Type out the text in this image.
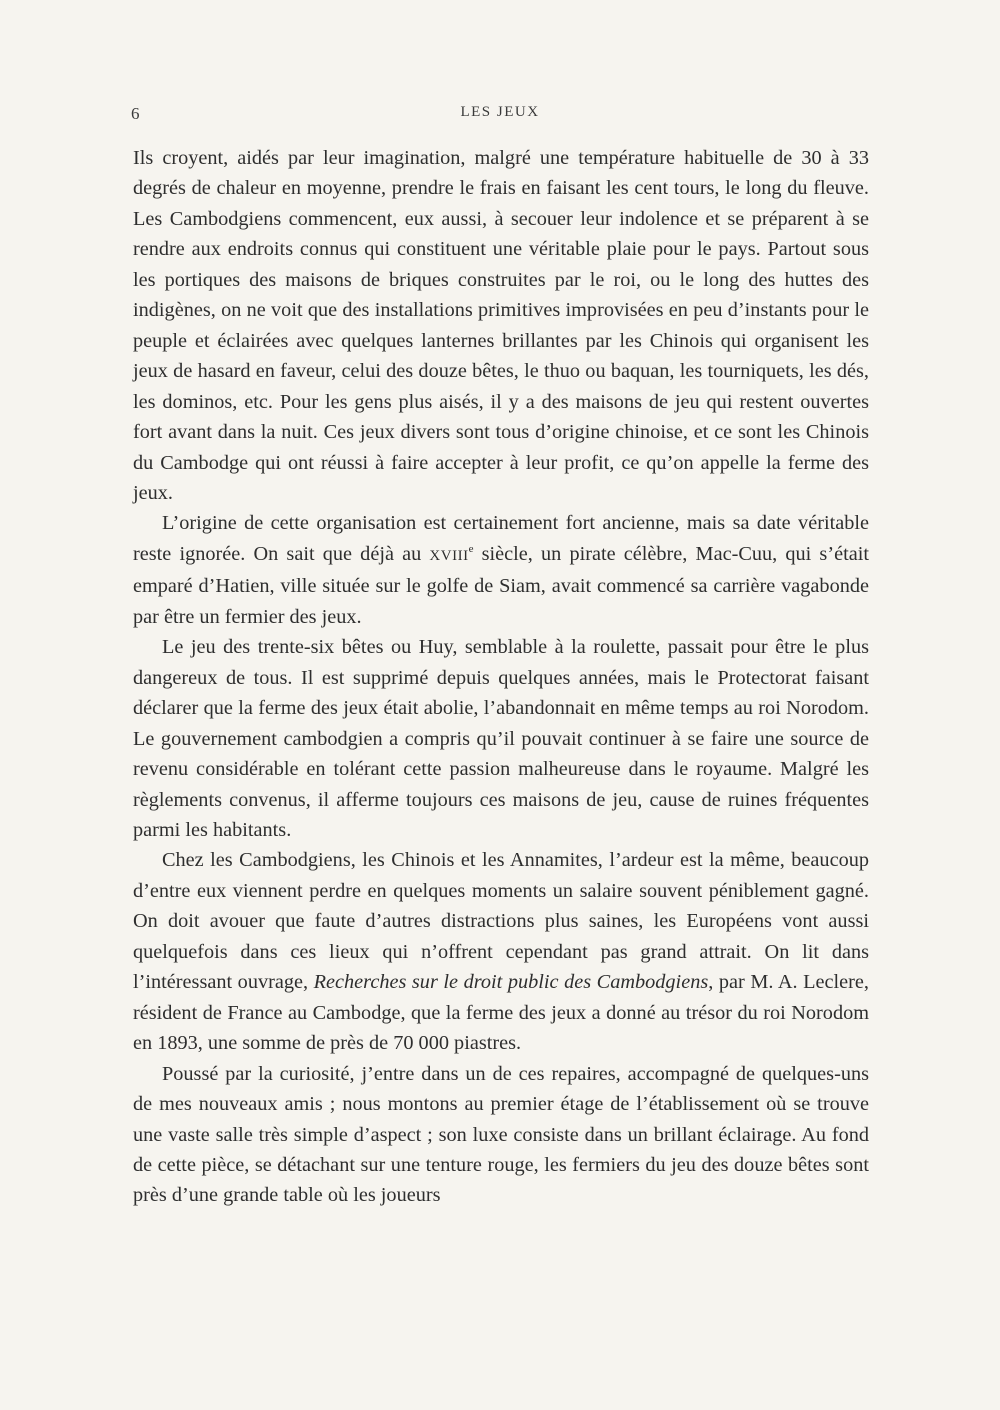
6	LES JEUX

Ils croyent, aidés par leur imagination, malgré une température habituelle de 30 à 33 degrés de chaleur en moyenne, prendre le frais en faisant les cent tours, le long du fleuve. Les Cambodgiens commencent, eux aussi, à secouer leur indolence et se préparent à se rendre aux endroits connus qui constituent une véritable plaie pour le pays. Partout sous les portiques des maisons de briques construites par le roi, ou le long des huttes des indigènes, on ne voit que des installations primitives improvisées en peu d’instants pour le peuple et éclairées avec quelques lanternes brillantes par les Chinois qui organisent les jeux de hasard en faveur, celui des douze bêtes, le thuo ou baquan, les tourniquets, les dés, les dominos, etc. Pour les gens plus aisés, il y a des maisons de jeu qui restent ouvertes fort avant dans la nuit. Ces jeux divers sont tous d’origine chinoise, et ce sont les Chinois du Cambodge qui ont réussi à faire accepter à leur profit, ce qu’on appelle la ferme des jeux.

L’origine de cette organisation est certainement fort ancienne, mais sa date véritable reste ignorée. On sait que déjà au XVIIIe siècle, un pirate célèbre, Mac-Cuu, qui s’était emparé d’Hatien, ville située sur le golfe de Siam, avait commencé sa carrière vagabonde par être un fermier des jeux.

Le jeu des trente-six bêtes ou Huy, semblable à la roulette, passait pour être le plus dangereux de tous. Il est supprimé depuis quelques années, mais le Protectorat faisant déclarer que la ferme des jeux était abolie, l’abandonnait en même temps au roi Norodom. Le gouvernement cambodgien a compris qu’il pouvait continuer à se faire une source de revenu considérable en tolérant cette passion malheureuse dans le royaume. Malgré les règlements convenus, il afferme toujours ces maisons de jeu, cause de ruines fréquentes parmi les habitants.

Chez les Cambodgiens, les Chinois et les Annamites, l’ardeur est la même, beaucoup d’entre eux viennent perdre en quelques moments un salaire souvent péniblement gagné. On doit avouer que faute d’autres distractions plus saines, les Européens vont aussi quelquefois dans ces lieux qui n’offrent cependant pas grand attrait. On lit dans l’intéressant ouvrage, Recherches sur le droit public des Cambodgiens, par M. A. Leclere, résident de France au Cambodge, que la ferme des jeux a donné au trésor du roi Norodom en 1893, une somme de près de 70 000 piastres.

Poussé par la curiosité, j’entre dans un de ces repaires, accompagné de quelques-uns de mes nouveaux amis ; nous montons au premier étage de l’établissement où se trouve une vaste salle très simple d’aspect ; son luxe consiste dans un brillant éclairage. Au fond de cette pièce, se détachant sur une tenture rouge, les fermiers du jeu des douze bêtes sont près d’une grande table où les joueurs
